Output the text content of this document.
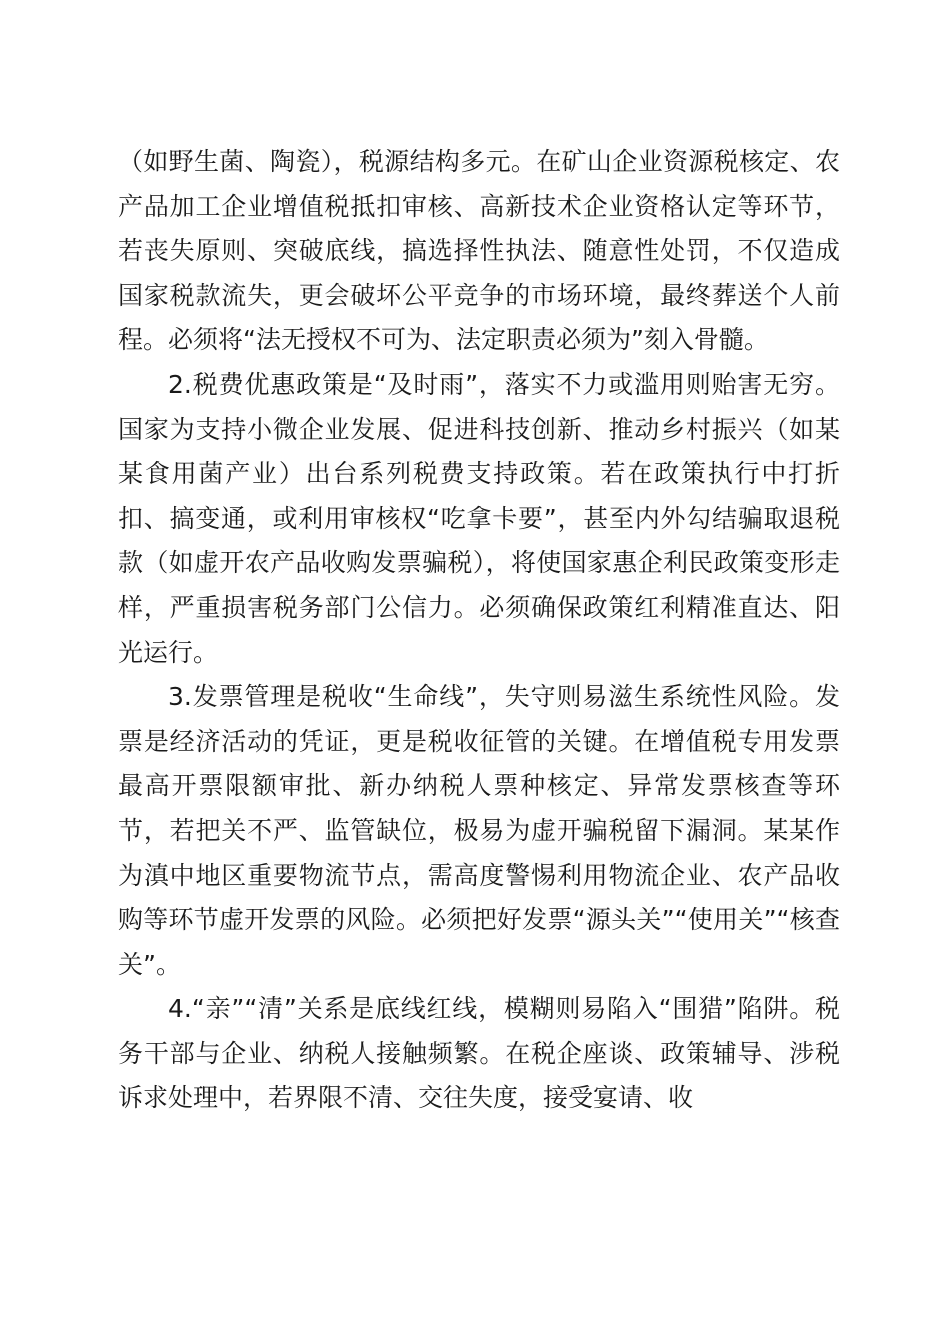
（如野生菌、陶瓷），税源结构多元。在矿山企业资源税核定、农产品加工企业增值税抵扣审核、高新技术企业资格认定等环节，若丧失原则、突破底线，搞选择性执法、随意性处罚，不仅造成国家税款流失，更会破坏公平竞争的市场环境，最终葬送个人前程。必须将“法无授权不可为、法定职责必须为”刻入骨髓。

2.税费优惠政策是“及时雨”，落实不力或滥用则贻害无穷。国家为支持小微企业发展、促进科技创新、推动乡村振兴（如某某食用菌产业）出台系列税费支持政策。若在政策执行中打折扣、搞变通，或利用审核权“吃拿卡要”，甚至内外勾结骗取退税款（如虚开农产品收购发票骗税），将使国家惠企利民政策变形走样，严重损害税务部门公信力。必须确保政策红利精准直达、阳光运行。

3.发票管理是税收“生命线”，失守则易滋生系统性风险。发票是经济活动的凭证，更是税收征管的关键。在增值税专用发票最高开票限额审批、新办纳税人票种核定、异常发票核查等环节，若把关不严、监管缺位，极易为虚开骗税留下漏洞。某某作为滇中地区重要物流节点，需高度警惕利用物流企业、农产品收购等环节虚开发票的风险。必须把好发票“源头关”“使用关”“核查关”。

4.“亲”“清”关系是底线红线，模糊则易陷入“围猎”陷阱。税务干部与企业、纳税人接触频繁。在税企座谈、政策辅导、涉税诉求处理中，若界限不清、交往失度，接受宴请、收
